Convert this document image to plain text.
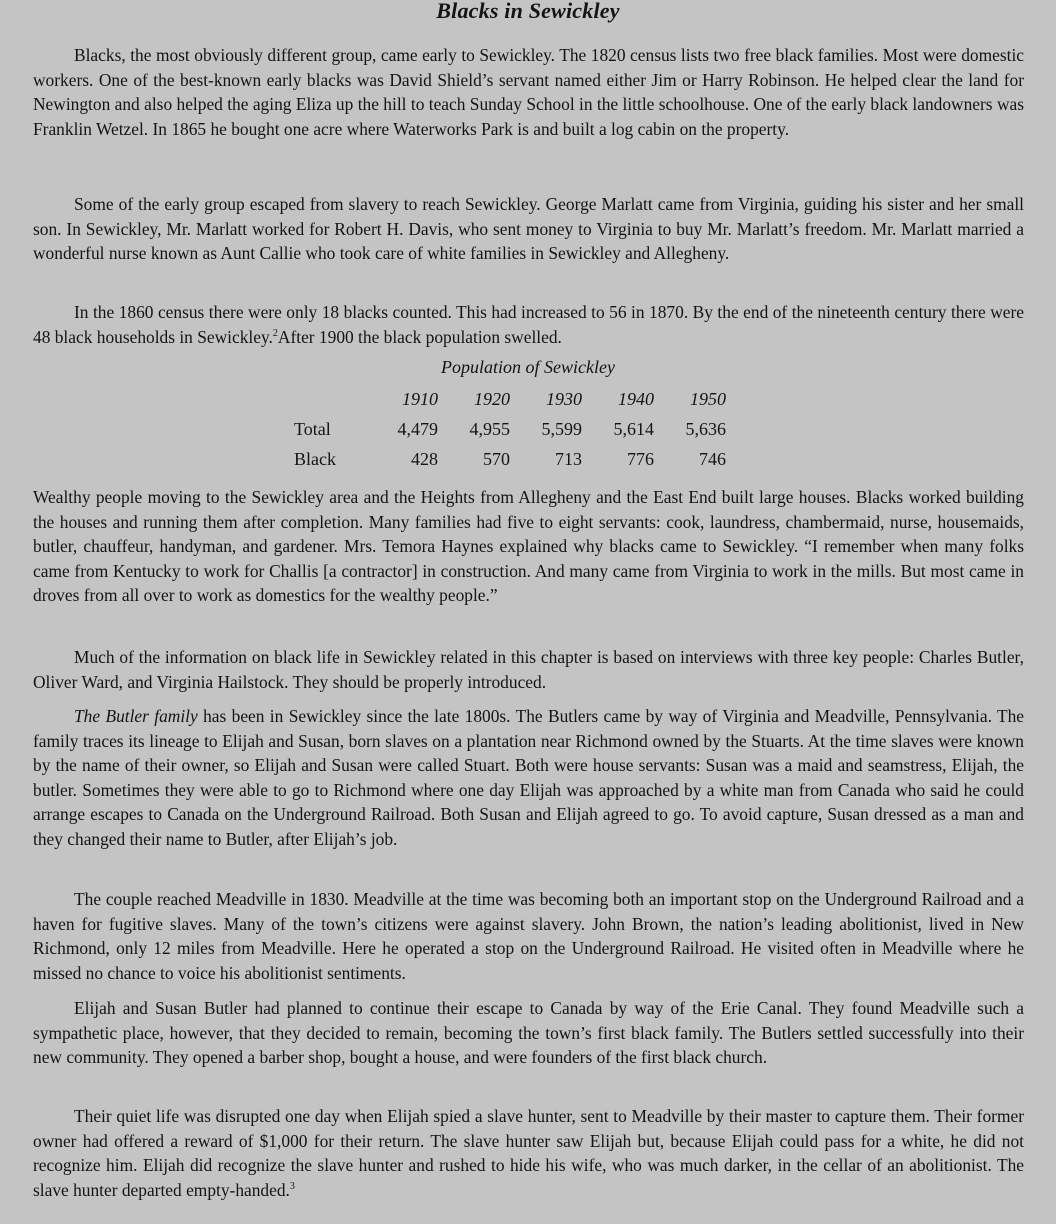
Blacks in Sewickley

Blacks, the most obviously different group, came early to Sewickley. The 1820 census lists two free black families. Most were domestic workers. One of the best-known early blacks was David Shield’s servant named either Jim or Harry Robinson. He helped clear the land for Newington and also helped the aging Eliza up the hill to teach Sunday School in the little schoolhouse. One of the early black landowners was Franklin Wetzel. In 1865 he bought one acre where Waterworks Park is and built a log cabin on the property.

Some of the early group escaped from slavery to reach Sewickley. George Marlatt came from Virginia, guiding his sister and her small son. In Sewickley, Mr. Marlatt worked for Robert H. Davis, who sent money to Virginia to buy Mr. Marlatt’s freedom. Mr. Marlatt married a wonderful nurse known as Aunt Callie who took care of white families in Sewickley and Allegheny.

In the 1860 census there were only 18 blacks counted. This had increased to 56 in 1870. By the end of the nineteenth century there were 48 black households in Sewickley.$^2$After 1900 the black population swelled.

Population of Sewickley
	1910	1920	1930	1940	1950
Total	4,479	4,955	5,599	5,614	5,636
Black	428	570	713	776	746

Wealthy people moving to the Sewickley area and the Heights from Allegheny and the East End built large houses. Blacks worked building the houses and running them after completion. Many families had five to eight servants: cook, laundress, chambermaid, nurse, housemaids, butler, chauffeur, handyman, and gardener. Mrs. Temora Haynes explained why blacks came to Sewickley. “I remember when many folks came from Kentucky to work for Challis [a contractor] in construction. And many came from Virginia to work in the mills. But most came in droves from all over to work as domestics for the wealthy people.”

Much of the information on black life in Sewickley related in this chapter is based on interviews with three key people: Charles Butler, Oliver Ward, and Virginia Hailstock. They should be properly introduced.

The Butler family has been in Sewickley since the late 1800s. The Butlers came by way of Virginia and Meadville, Pennsylvania. The family traces its lineage to Elijah and Susan, born slaves on a plantation near Richmond owned by the Stuarts. At the time slaves were known by the name of their owner, so Elijah and Susan were called Stuart. Both were house servants: Susan was a maid and seamstress, Elijah, the butler. Sometimes they were able to go to Richmond where one day Elijah was approached by a white man from Canada who said he could arrange escapes to Canada on the Underground Railroad. Both Susan and Elijah agreed to go. To avoid capture, Susan dressed as a man and they changed their name to Butler, after Elijah’s job.

The couple reached Meadville in 1830. Meadville at the time was becoming both an important stop on the Underground Railroad and a haven for fugitive slaves. Many of the town’s citizens were against slavery. John Brown, the nation’s leading abolitionist, lived in New Richmond, only 12 miles from Meadville. Here he operated a stop on the Underground Railroad. He visited often in Meadville where he missed no chance to voice his abolitionist sentiments.

Elijah and Susan Butler had planned to continue their escape to Canada by way of the Erie Canal. They found Meadville such a sympathetic place, however, that they decided to remain, becoming the town’s first black family. The Butlers settled successfully into their new community. They opened a barber shop, bought a house, and were founders of the first black church.

Their quiet life was disrupted one day when Elijah spied a slave hunter, sent to Meadville by their master to capture them. Their former owner had offered a reward of $1,000 for their return. The slave hunter saw Elijah but, because Elijah could pass for a white, he did not recognize him. Elijah did recognize the slave hunter and rushed to hide his wife, who was much darker, in the cellar of an abolitionist. The slave hunter departed empty-handed.$^3$
